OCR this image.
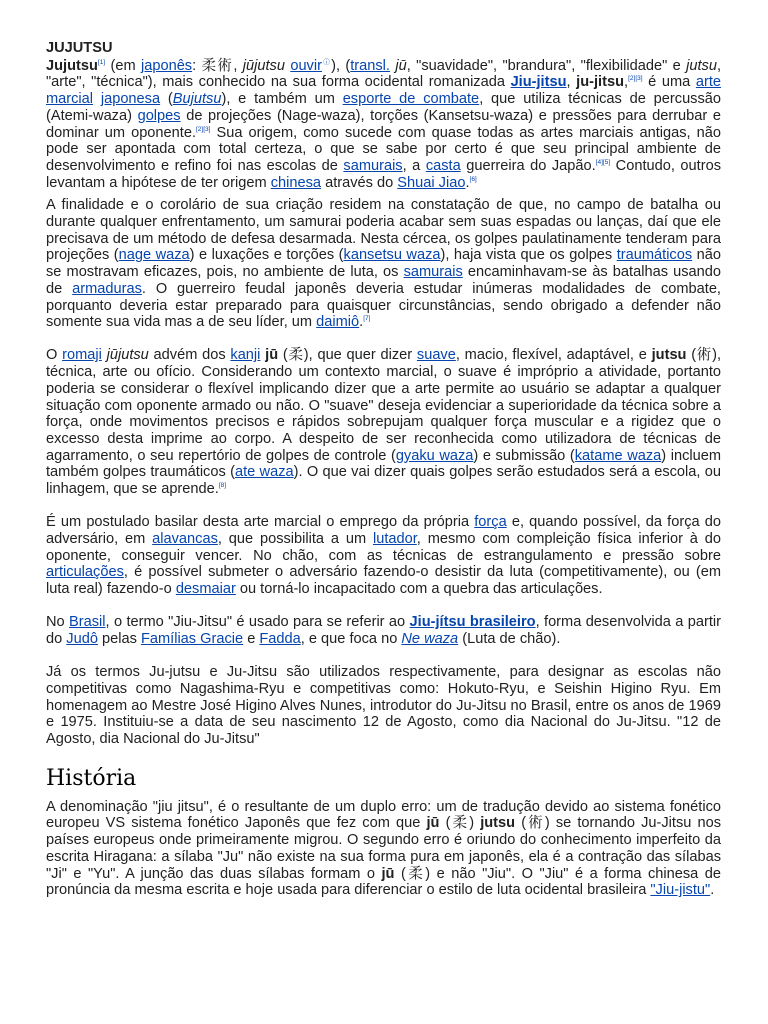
JUJUTSU

Jujutsu[1] (em japonês: 柔術, jūjutsu ouvirⓘ), (transl. jū, "suavidade", "brandura", "flexibilidade" e jutsu, "arte", "técnica"), mais conhecido na sua forma ocidental romanizada Jiu-jitsu, ju-jitsu,[2][3] é uma arte marcial japonesa (Bujutsu), e também um esporte de combate, que utiliza técnicas de percussão (Atemi-waza) golpes de projeções (Nage-waza), torções (Kansetsu-waza) e pressões para derrubar e dominar um oponente.[2][3] Sua origem, como sucede com quase todas as artes marciais antigas, não pode ser apontada com total certeza, o que se sabe por certo é que seu principal ambiente de desenvolvimento e refino foi nas escolas de samurais, a casta guerreira do Japão.[4][5] Contudo, outros levantam a hipótese de ter origem chinesa através do Shuai Jiao.[6]

A finalidade e o corolário de sua criação residem na constatação de que, no campo de batalha ou durante qualquer enfrentamento, um samurai poderia acabar sem suas espadas ou lanças, daí que ele precisava de um método de defesa desarmada. Nesta cércea, os golpes paulatinamente tenderam para projeções (nage waza) e luxações e torções (kansetsu waza), haja vista que os golpes traumáticos não se mostravam eficazes, pois, no ambiente de luta, os samurais encaminhavam-se às batalhas usando de armaduras. O guerreiro feudal japonês deveria estudar inúmeras modalidades de combate, porquanto deveria estar preparado para quaisquer circunstâncias, sendo obrigado a defender não somente sua vida mas a de seu líder, um daimiô.[7]

O romaji jūjutsu advém dos kanji jū (柔), que quer dizer suave, macio, flexível, adaptável, e jutsu (術), técnica, arte ou ofício. Considerando um contexto marcial, o suave é impróprio a atividade, portanto poderia se considerar o flexível implicando dizer que a arte permite ao usuário se adaptar a qualquer situação com oponente armado ou não. O "suave" deseja evidenciar a superioridade da técnica sobre a força, onde movimentos precisos e rápidos sobrepujam qualquer força muscular e a rigidez que o excesso desta imprime ao corpo. A despeito de ser reconhecida como utilizadora de técnicas de agarramento, o seu repertório de golpes de controle (gyaku waza) e submissão (katame waza) incluem também golpes traumáticos (ate waza). O que vai dizer quais golpes serão estudados será a escola, ou linhagem, que se aprende.[8]

É um postulado basilar desta arte marcial o emprego da própria força e, quando possível, da força do adversário, em alavancas, que possibilita a um lutador, mesmo com compleição física inferior à do oponente, conseguir vencer. No chão, com as técnicas de estrangulamento e pressão sobre articulações, é possível submeter o adversário fazendo-o desistir da luta (competitivamente), ou (em luta real) fazendo-o desmaiar ou torná-lo incapacitado com a quebra das articulações.

No Brasil, o termo "Jiu-Jitsu" é usado para se referir ao Jiu-jítsu brasileiro, forma desenvolvida a partir do Judô pelas Famílias Gracie e Fadda, e que foca no Ne waza (Luta de chão).

Já os termos Ju-jutsu e Ju-Jitsu são utilizados respectivamente, para designar as escolas não competitivas como Nagashima-Ryu e competitivas como: Hokuto-Ryu, e Seishin Higino Ryu. Em homenagem ao Mestre José Higino Alves Nunes, introdutor do Ju-Jitsu no Brasil, entre os anos de 1969 e 1975. Instituiu-se a data de seu nascimento 12 de Agosto, como dia Nacional do Ju-Jitsu. "12 de Agosto, dia Nacional do Ju-Jitsu"

História

A denominação "jiu jitsu", é o resultante de um duplo erro: um de tradução devido ao sistema fonético europeu VS sistema fonético Japonês que fez com que jū (柔) jutsu (術) se tornando Ju-Jitsu nos países europeus onde primeiramente migrou. O segundo erro é oriundo do conhecimento imperfeito da escrita Hiragana: a sílaba "Ju" não existe na sua forma pura em japonês, ela é a contração das sílabas "Ji" e "Yu". A junção das duas sílabas formam o jū (柔) e não "Jiu". O "Jiu" é a forma chinesa de pronúncia da mesma escrita e hoje usada para diferenciar o estilo de luta ocidental brasileira "Jiu-jistu".
